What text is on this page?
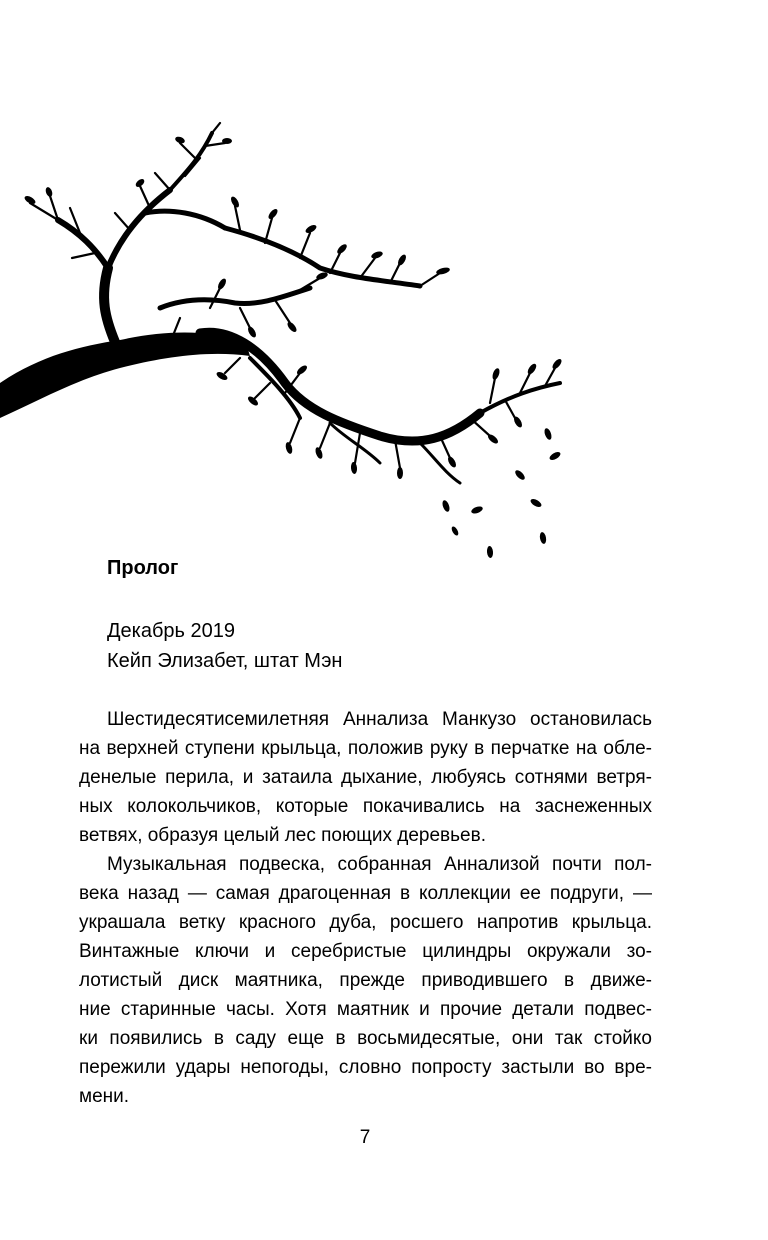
Пролог
Декабрь 2019
Кейп Элизабет, штат Мэн
Шестидесятисемилетняя Аннализа Манкузо остановилась
на верхней ступени крыльца, положив руку в перчатке на обле-
денелые перила, и затаила дыхание, любуясь сотнями ветря-
ных колокольчиков, которые покачивались на заснеженных
ветвях, образуя целый лес поющих деревьев.
Музыкальная подвеска, собранная Аннализой почти пол-
века назад — самая драгоценная в коллекции ее подруги, —
украшала ветку красного дуба, росшего напротив крыльца.
Винтажные ключи и серебристые цилиндры окружали зо-
лотистый диск маятника, прежде приводившего в движе-
ние старинные часы. Хотя маятник и прочие детали подвес-
ки появились в саду еще в восьмидесятые, они так стойко
пережили удары непогоды, словно попросту застыли во вре-
мени.
7
